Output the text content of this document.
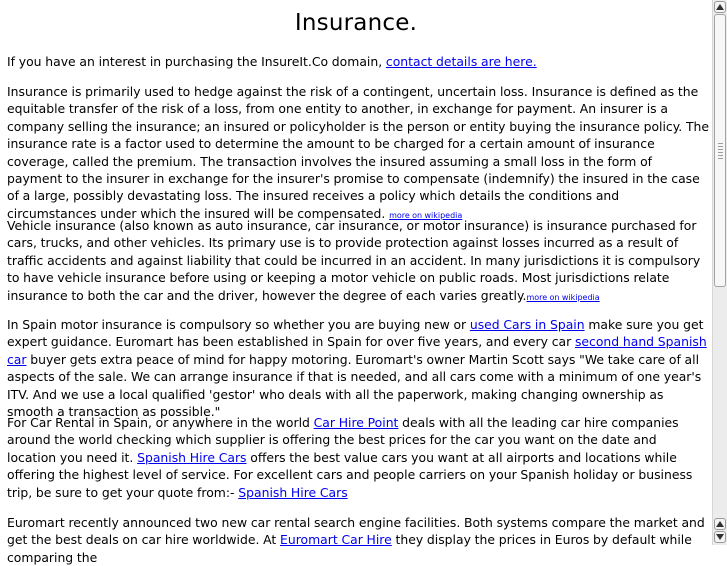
Insurance.

If you have an interest in purchasing the InsureIt.Co domain, contact details are here.

Insurance is primarily used to hedge against the risk of a contingent, uncertain loss. Insurance is defined as the equitable transfer of the risk of a loss, from one entity to another, in exchange for payment. An insurer is a company selling the insurance; an insured or policyholder is the person or entity buying the insurance policy. The insurance rate is a factor used to determine the amount to be charged for a certain amount of insurance coverage, called the premium. The transaction involves the insured assuming a small loss in the form of payment to the insurer in exchange for the insurer's promise to compensate (indemnify) the insured in the case of a large, possibly devastating loss. The insured receives a policy which details the conditions and circumstances under which the insured will be compensated. more on wikipedia

Vehicle insurance (also known as auto insurance, car insurance, or motor insurance) is insurance purchased for cars, trucks, and other vehicles. Its primary use is to provide protection against losses incurred as a result of traffic accidents and against liability that could be incurred in an accident. In many jurisdictions it is compulsory to have vehicle insurance before using or keeping a motor vehicle on public roads. Most jurisdictions relate insurance to both the car and the driver, however the degree of each varies greatly.more on wikipedia

In Spain motor insurance is compulsory so whether you are buying new or used Cars in Spain make sure you get expert guidance. Euromart has been established in Spain for over five years, and every car second hand Spanish car buyer gets extra peace of mind for happy motoring. Euromart's owner Martin Scott says "We take care of all aspects of the sale. We can arrange insurance if that is needed, and all cars come with a minimum of one year's ITV. And we use a local qualified 'gestor' who deals with all the paperwork, making changing ownership as smooth a transaction as possible."

For Car Rental in Spain, or anywhere in the world Car Hire Point deals with all the leading car hire companies around the world checking which supplier is offering the best prices for the car you want on the date and location you need it. Spanish Hire Cars offers the best value cars you want at all airports and locations while offering the highest level of service. For excellent cars and people carriers on your Spanish holiday or business trip, be sure to get your quote from:- Spanish Hire Cars

Euromart recently announced two new car rental search engine facilities. Both systems compare the market and get the best deals on car hire worldwide. At Euromart Car Hire they display the prices in Euros by default while comparing the
